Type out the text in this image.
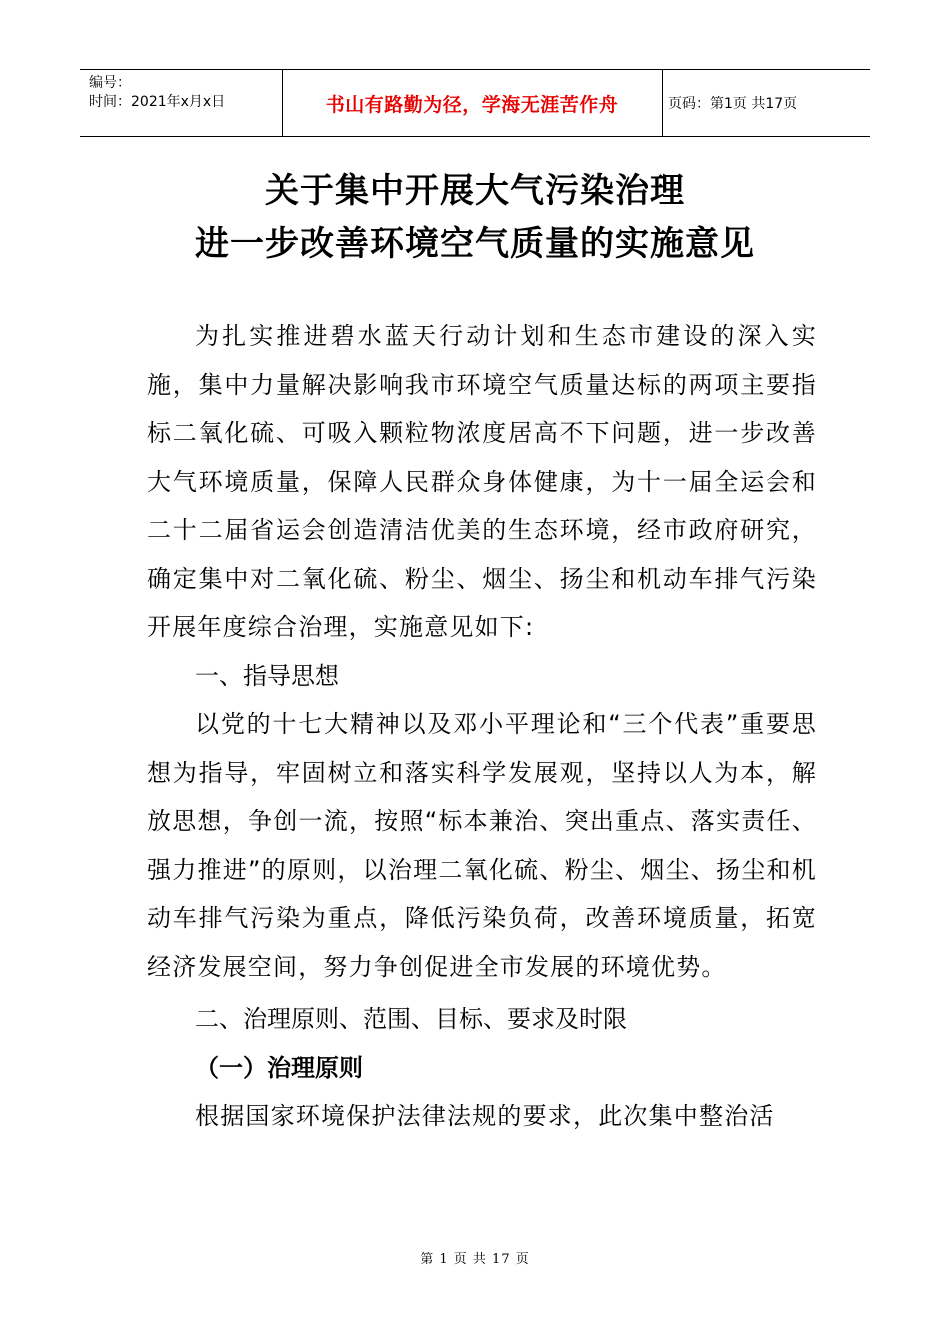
编号：
时间：2021年x月x日	书山有路勤为径，学海无涯苦作舟	页码：第1页 共17页
关于集中开展大气污染治理
进一步改善环境空气质量的实施意见

为扎实推进碧水蓝天行动计划和生态市建设的深入实施，集中力量解决影响我市环境空气质量达标的两项主要指标二氧化硫、可吸入颗粒物浓度居高不下问题，进一步改善大气环境质量，保障人民群众身体健康，为十一届全运会和二十二届省运会创造清洁优美的生态环境，经市政府研究，确定集中对二氧化硫、粉尘、烟尘、扬尘和机动车排气污染开展年度综合治理，实施意见如下:

一、指导思想

以党的十七大精神以及邓小平理论和“三个代表”重要思想为指导，牢固树立和落实科学发展观，坚持以人为本，解放思想，争创一流，按照“标本兼治、突出重点、落实责任、强力推进”的原则，以治理二氧化硫、粉尘、烟尘、扬尘和机动车排气污染为重点，降低污染负荷，改善环境质量，拓宽经济发展空间，努力争创促进全市发展的环境优势。

二、治理原则、范围、目标、要求及时限

（一）治理原则

根据国家环境保护法律法规的要求，此次集中整治活

第 1 页 共 17 页
